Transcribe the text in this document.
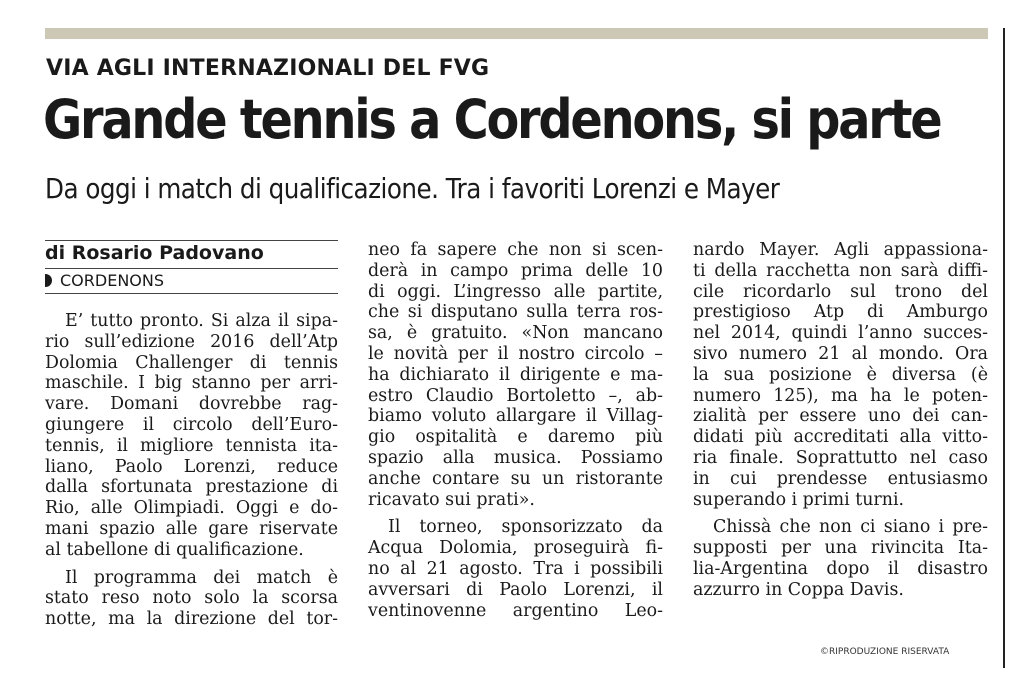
VIA AGLI INTERNAZIONALI DEL FVG
Grande tennis a Cordenons, si parte
Da oggi i match di qualificazione. Tra i favoriti Lorenzi e Mayer
di Rosario Padovano
CORDENONS
E’ tutto pronto. Si alza il sipa-
rio sull’edizione 2016 dell’Atp
Dolomia Challenger di tennis
maschile. I big stanno per arri-
vare. Domani dovrebbe rag-
giungere il circolo dell’Euro-
tennis, il migliore tennista ita-
liano, Paolo Lorenzi, reduce
dalla sfortunata prestazione di
Rio, alle Olimpiadi. Oggi e do-
mani spazio alle gare riservate
al tabellone di qualificazione.
Il programma dei match è
stato reso noto solo la scorsa
notte, ma la direzione del tor-
neo fa sapere che non si scen-
derà in campo prima delle 10
di oggi. L’ingresso alle partite,
che si disputano sulla terra ros-
sa, è gratuito. «Non mancano
le novità per il nostro circolo –
ha dichiarato il dirigente e ma-
estro Claudio Bortoletto –, ab-
biamo voluto allargare il Villag-
gio ospitalità e daremo più
spazio alla musica. Possiamo
anche contare su un ristorante
ricavato sui prati».
Il torneo, sponsorizzato da
Acqua Dolomia, proseguirà fi-
no al 21 agosto. Tra i possibili
avversari di Paolo Lorenzi, il
ventinovenne argentino Leo-
nardo Mayer. Agli appassiona-
ti della racchetta non sarà diffi-
cile ricordarlo sul trono del
prestigioso Atp di Amburgo
nel 2014, quindi l’anno succes-
sivo numero 21 al mondo. Ora
la sua posizione è diversa (è
numero 125), ma ha le poten-
zialità per essere uno dei can-
didati più accreditati alla vitto-
ria finale. Soprattutto nel caso
in cui prendesse entusiasmo
superando i primi turni.
Chissà che non ci siano i pre-
supposti per una rivincita Ita-
lia-Argentina dopo il disastro
azzurro in Coppa Davis.
©RIPRODUZIONE RISERVATA
